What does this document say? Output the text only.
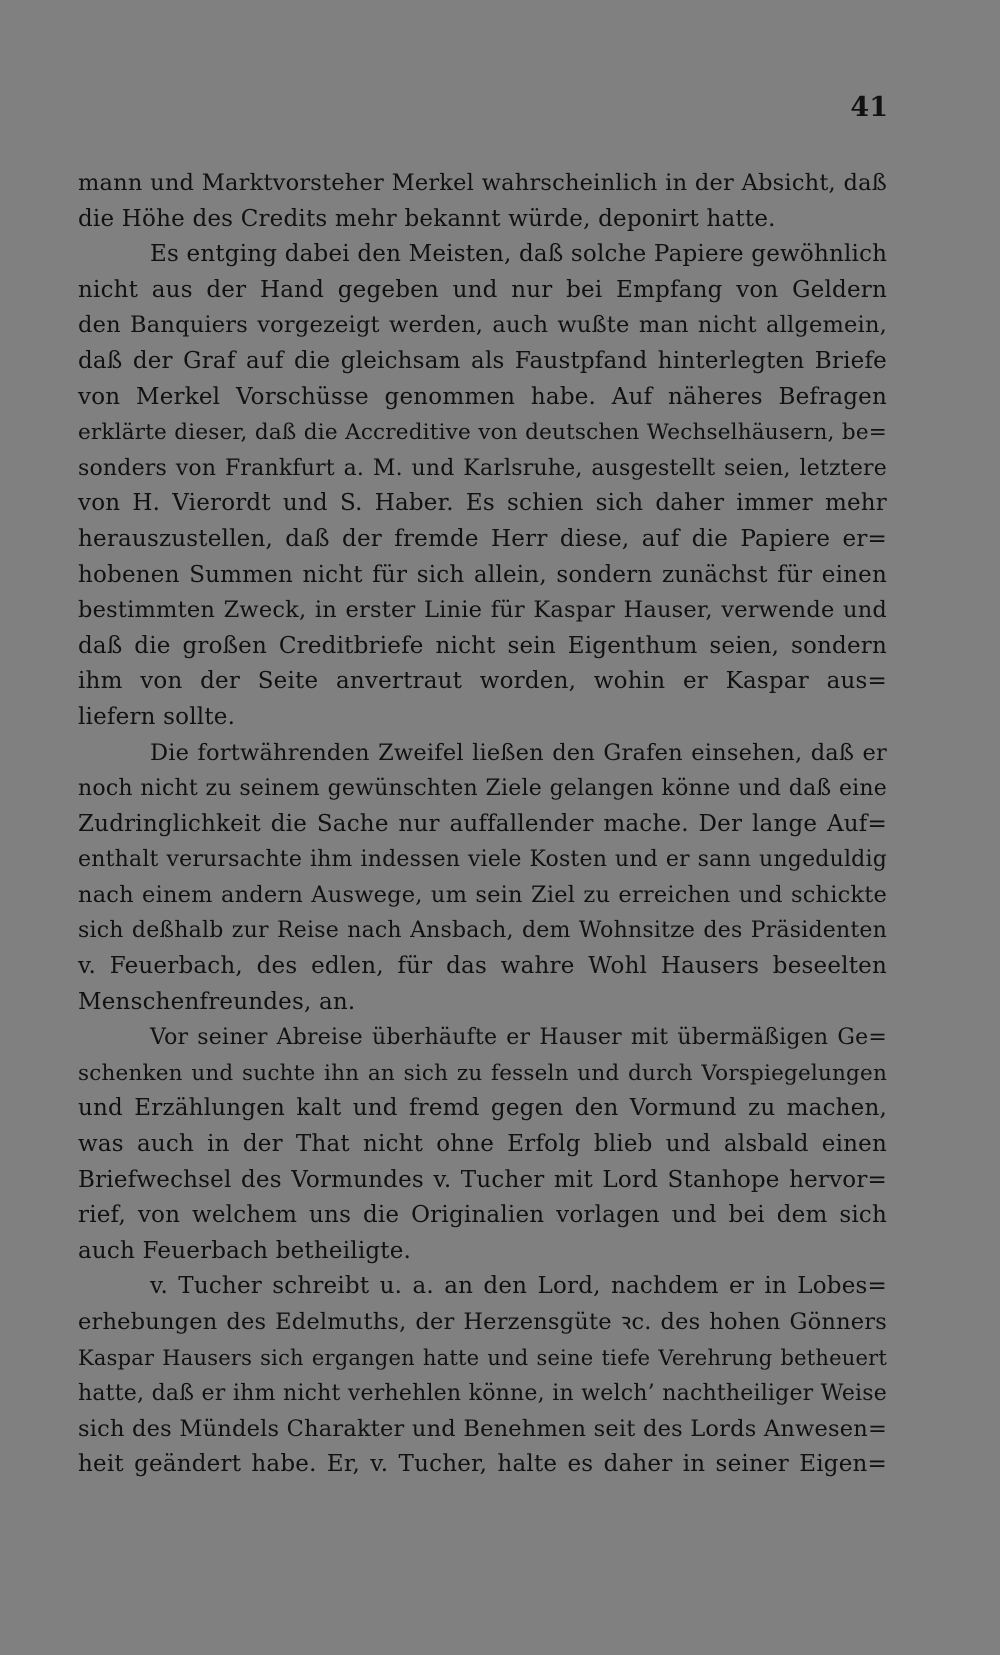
41
mann und Marktvorsteher Merkel wahrscheinlich in der Absicht, daß
die Höhe des Credits mehr bekannt würde, deponirt hatte.
Es entging dabei den Meisten, daß solche Papiere gewöhnlich
nicht aus der Hand gegeben und nur bei Empfang von Geldern
den Banquiers vorgezeigt werden, auch wußte man nicht allgemein,
daß der Graf auf die gleichsam als Faustpfand hinterlegten Briefe
von Merkel Vorschüsse genommen habe. Auf näheres Befragen
erklärte dieser, daß die Accreditive von deutschen Wechselhäusern, be=
sonders von Frankfurt a. M. und Karlsruhe, ausgestellt seien, letztere
von H. Vierordt und S. Haber. Es schien sich daher immer mehr
herauszustellen, daß der fremde Herr diese, auf die Papiere er=
hobenen Summen nicht für sich allein, sondern zunächst für einen
bestimmten Zweck, in erster Linie für Kaspar Hauser, verwende und
daß die großen Creditbriefe nicht sein Eigenthum seien, sondern
ihm von der Seite anvertraut worden, wohin er Kaspar aus=
liefern sollte.
Die fortwährenden Zweifel ließen den Grafen einsehen, daß er
noch nicht zu seinem gewünschten Ziele gelangen könne und daß eine
Zudringlichkeit die Sache nur auffallender mache. Der lange Auf=
enthalt verursachte ihm indessen viele Kosten und er sann ungeduldig
nach einem andern Auswege, um sein Ziel zu erreichen und schickte
sich deßhalb zur Reise nach Ansbach, dem Wohnsitze des Präsidenten
v. Feuerbach, des edlen, für das wahre Wohl Hausers beseelten
Menschenfreundes, an.
Vor seiner Abreise überhäufte er Hauser mit übermäßigen Ge=
schenken und suchte ihn an sich zu fesseln und durch Vorspiegelungen
und Erzählungen kalt und fremd gegen den Vormund zu machen,
was auch in der That nicht ohne Erfolg blieb und alsbald einen
Briefwechsel des Vormundes v. Tucher mit Lord Stanhope hervor=
rief, von welchem uns die Originalien vorlagen und bei dem sich
auch Feuerbach betheiligte.
v. Tucher schreibt u. a. an den Lord, nachdem er in Lobes=
erhebungen des Edelmuths, der Herzensgüte ꝛc. des hohen Gönners
Kaspar Hausers sich ergangen hatte und seine tiefe Verehrung betheuert
hatte, daß er ihm nicht verhehlen könne, in welch’ nachtheiliger Weise
sich des Mündels Charakter und Benehmen seit des Lords Anwesen=
heit geändert habe. Er, v. Tucher, halte es daher in seiner Eigen=
